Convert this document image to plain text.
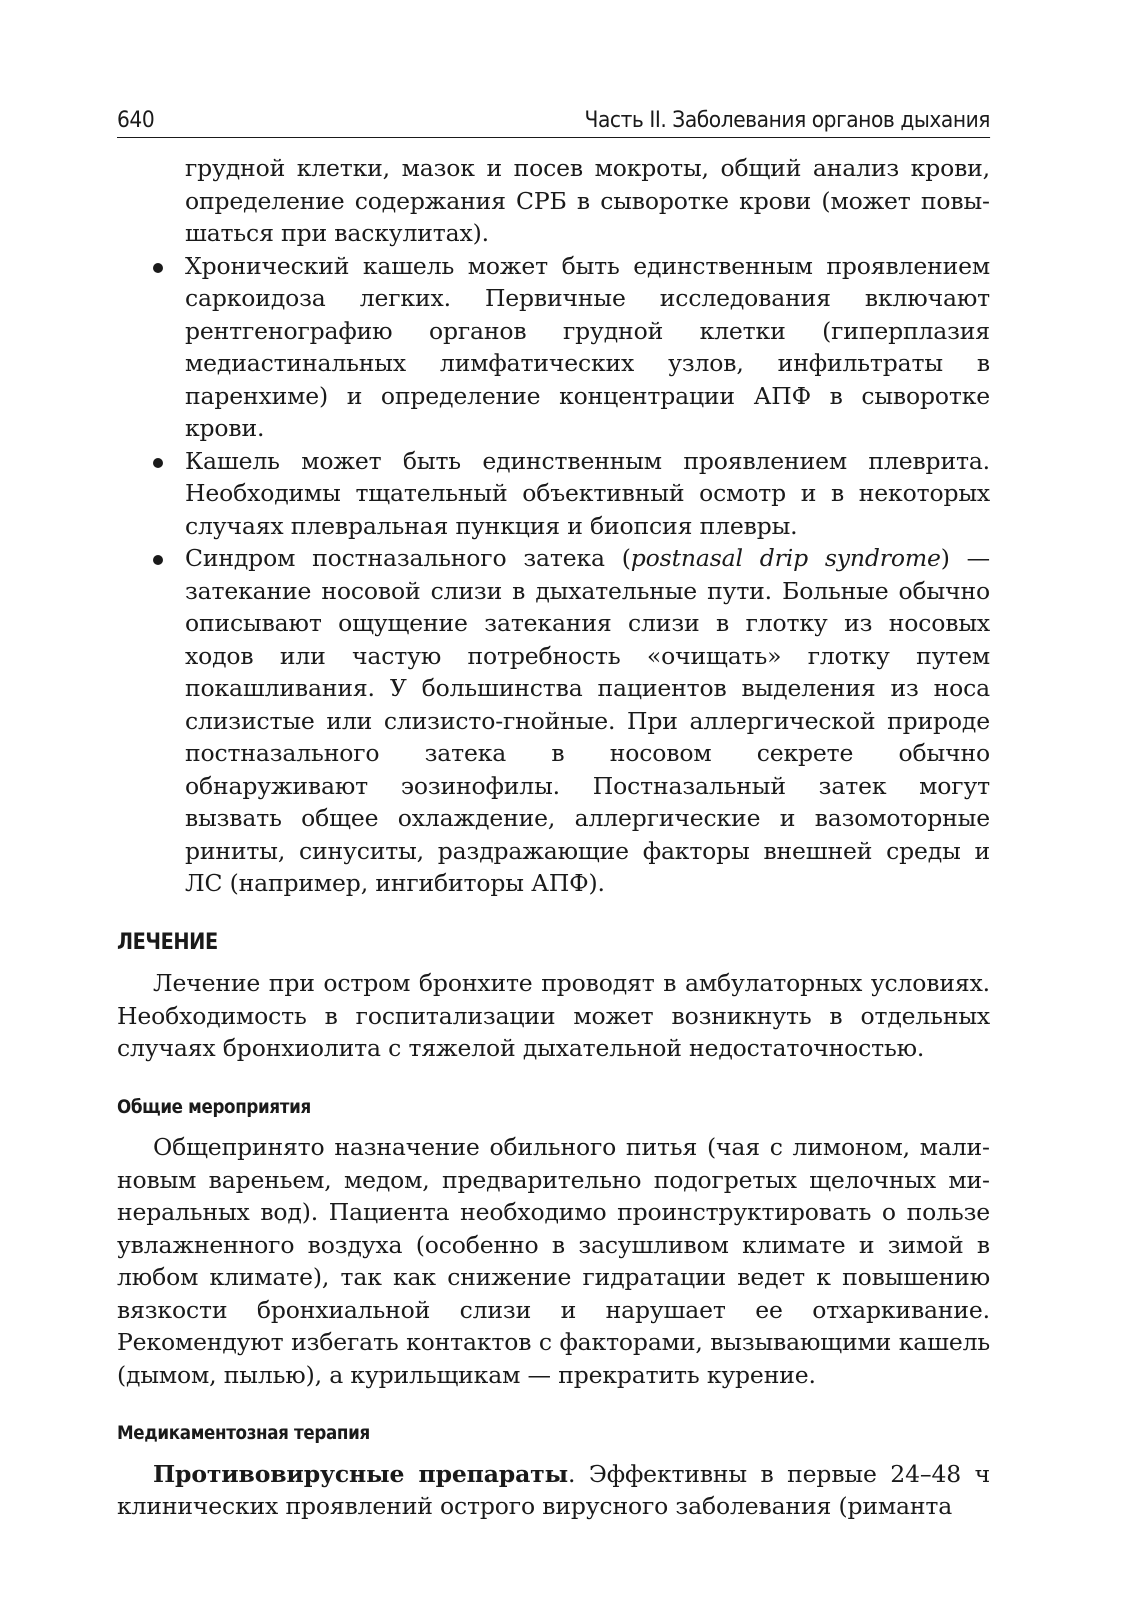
640	Часть II. Заболевания органов дыхания
грудной клетки, мазок и посев мокроты, общий анализ крови, определение содержания СРБ в сыворотке крови (может повышаться при васкулитах).
Хронический кашель может быть единственным проявлением саркоидоза легких. Первичные исследования включают рентгенографию органов грудной клетки (гиперплазия медиастинальных лимфатических узлов, инфильтраты в паренхиме) и определение концентрации АПФ в сыворотке крови.
Кашель может быть единственным проявлением плеврита. Необходимы тщательный объективный осмотр и в некоторых случаях плевральная пункция и биопсия плевры.
Синдром постназального затека (postnasal drip syndrome) — затекание носовой слизи в дыхательные пути. Больные обычно описывают ощущение затекания слизи в глотку из носовых ходов или частую потребность «очищать» глотку путем покашливания. У большинства пациентов выделения из носа слизистые или слизисто-гнойные. При аллергической природе постназального затека в носовом секрете обычно обнаруживают эозинофилы. Постназальный затек могут вызвать общее охлаждение, аллергические и вазомоторные риниты, синуситы, раздражающие факторы внешней среды и ЛС (например, ингибиторы АПФ).
ЛЕЧЕНИЕ

Лечение при остром бронхите проводят в амбулаторных условиях. Необходимость в госпитализации может возникнуть в отдельных случаях бронхиолита с тяжелой дыхательной недостаточностью.

Общие мероприятия

Общепринято назначение обильного питья (чая с лимоном, малиновым вареньем, медом, предварительно подогретых щелочных минеральных вод). Пациента необходимо проинструктировать о пользе увлажненного воздуха (особенно в засушливом климате и зимой в любом климате), так как снижение гидратации ведет к повышению вязкости бронхиальной слизи и нарушает ее отхаркивание. Рекомендуют избегать контактов с факторами, вызывающими кашель (дымом, пылью), а курильщикам — прекратить курение.

Медикаментозная терапия

Противовирусные препараты. Эффективны в первые 24–48 ч клинических проявлений острого вирусного заболевания (риманта
